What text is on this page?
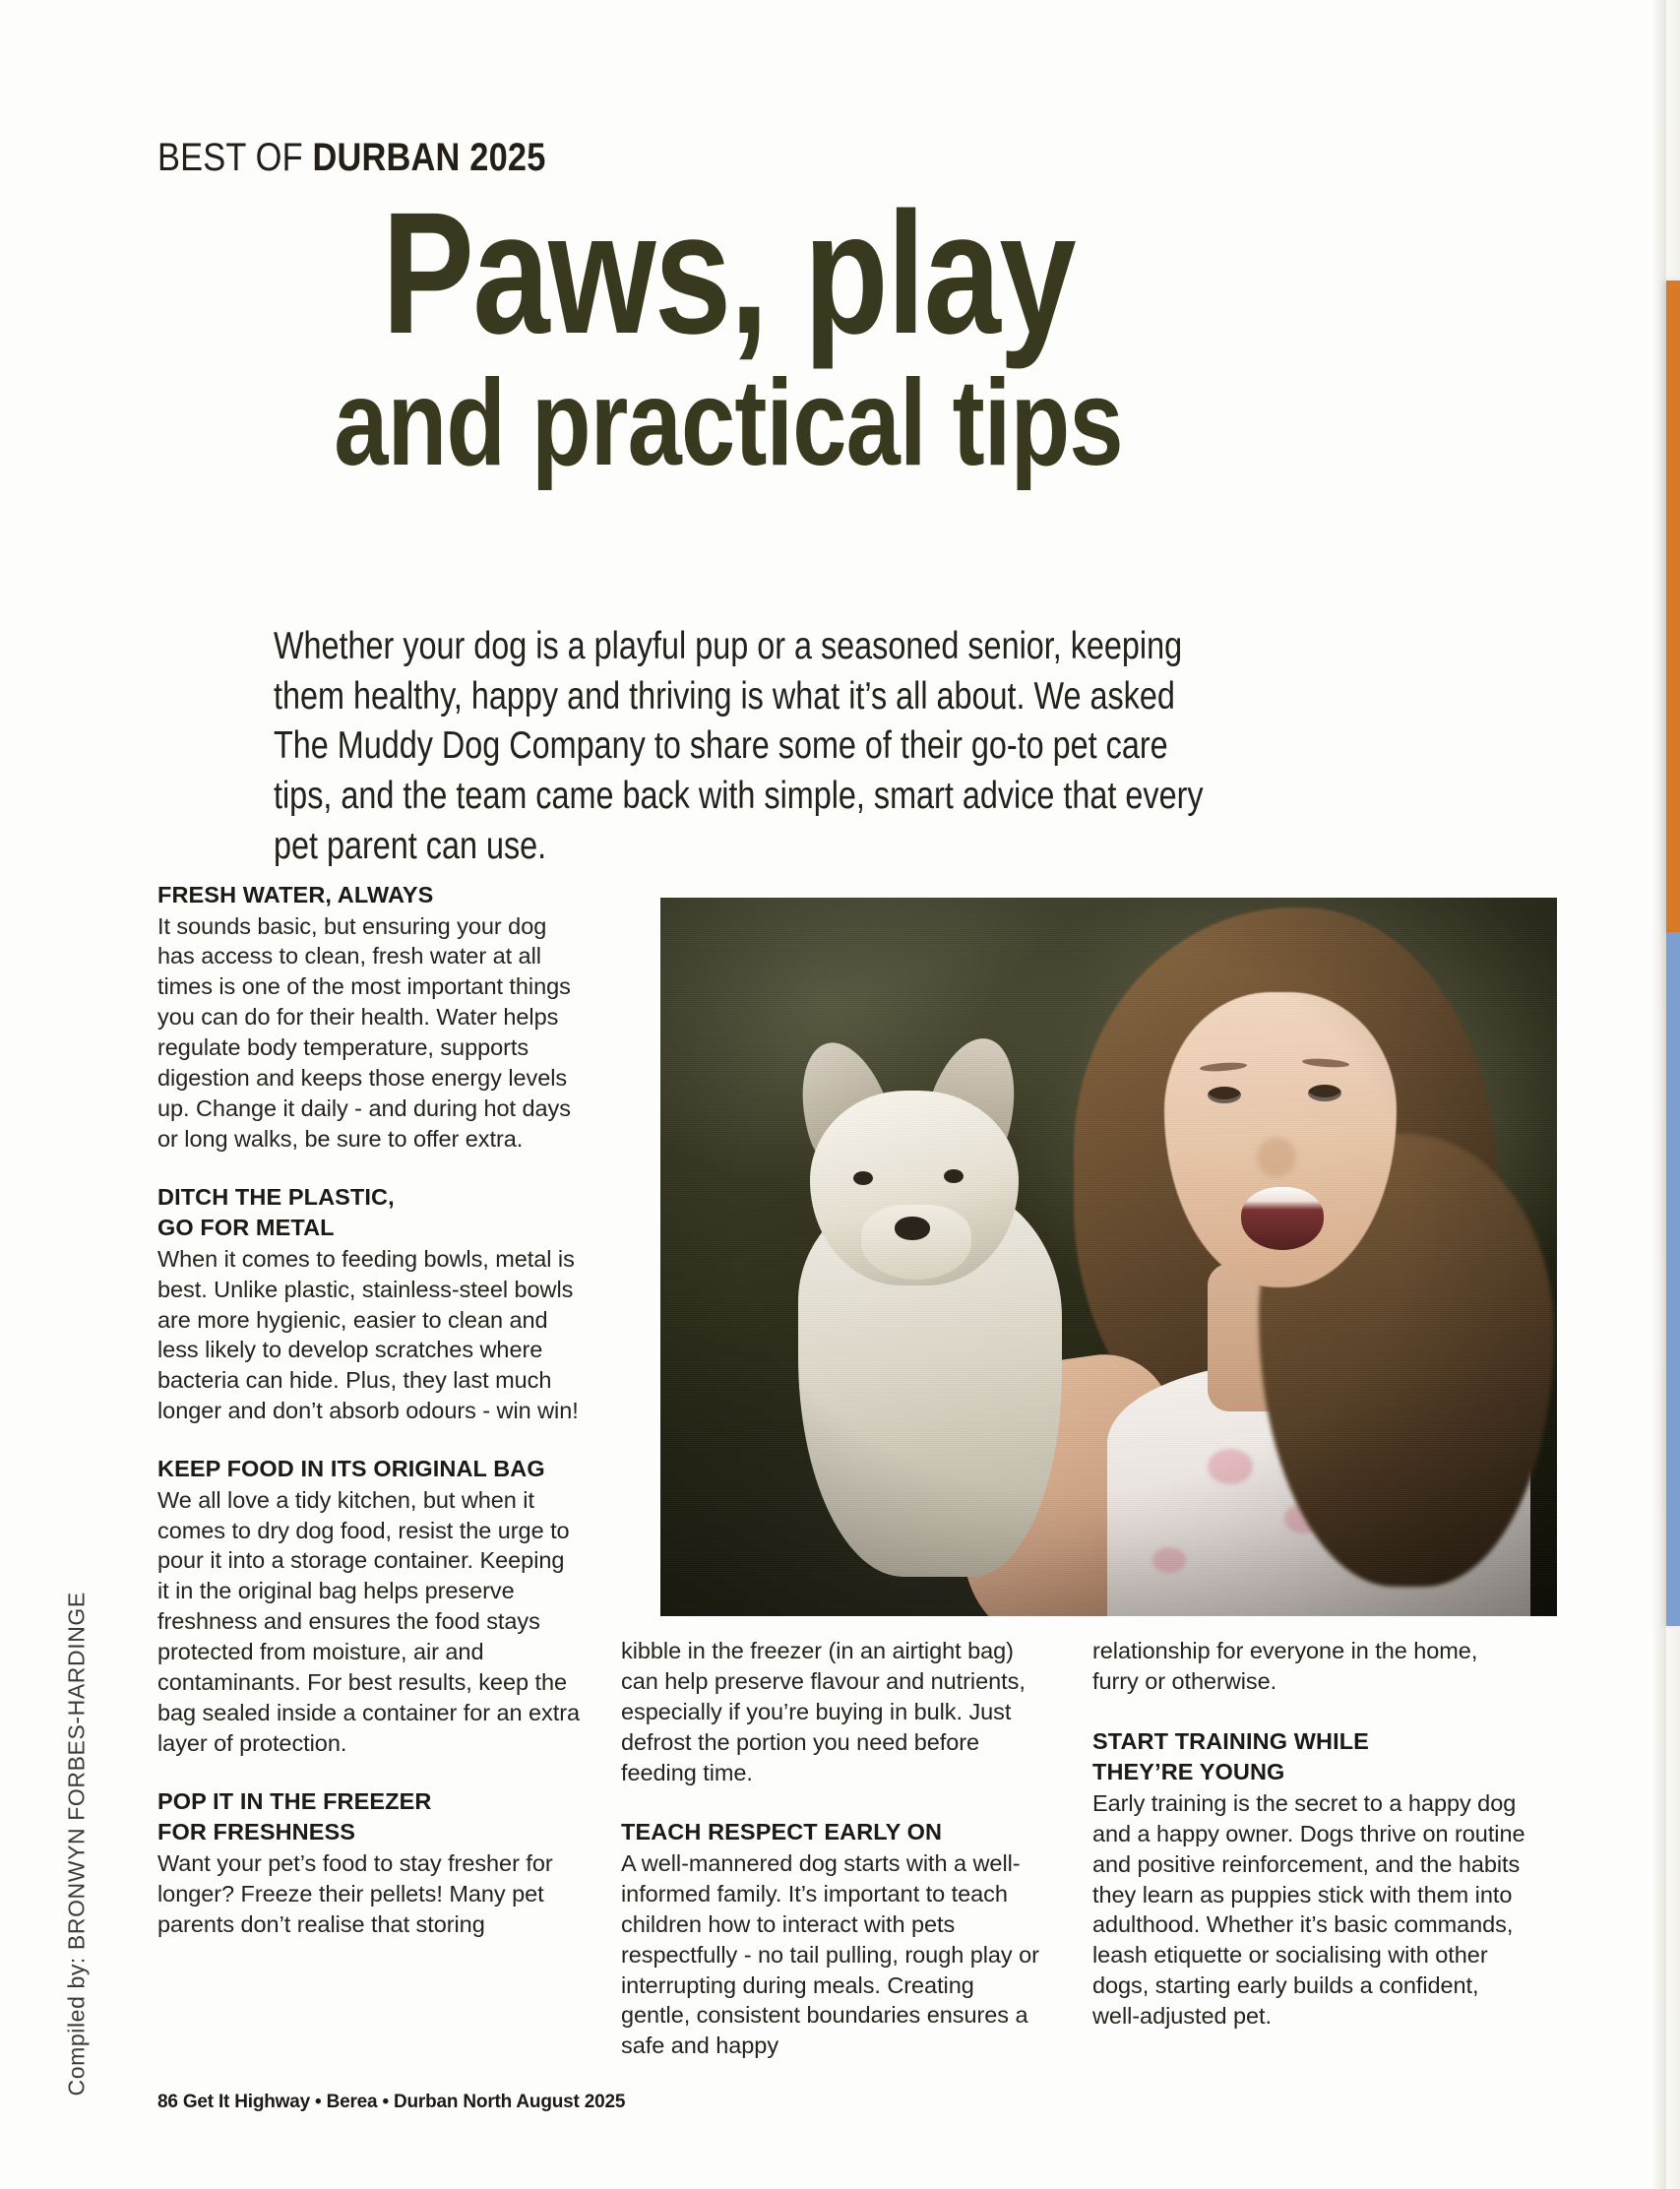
BEST OF DURBAN 2025
Paws, play
and practical tips
Whether your dog is a playful pup or a seasoned senior, keeping them healthy, happy and thriving is what it’s all about. We asked The Muddy Dog Company to share some of their go-to pet care tips, and the team came back with simple, smart advice that every pet parent can use.
Compiled by: BRONWYN FORBES-HARDINGE
FRESH WATER, ALWAYS

It sounds basic, but ensuring your dog has access to clean, fresh water at all times is one of the most important things you can do for their health. Water helps regulate body temperature, supports digestion and keeps those energy levels up. Change it daily - and during hot days or long walks, be sure to offer extra.

DITCH THE PLASTIC,
GO FOR METAL

When it comes to feeding bowls, metal is best. Unlike plastic, stainless-steel bowls are more hygienic, easier to clean and less likely to develop scratches where bacteria can hide. Plus, they last much longer and don’t absorb odours - win win!

KEEP FOOD IN ITS ORIGINAL BAG

We all love a tidy kitchen, but when it comes to dry dog food, resist the urge to pour it into a storage container. Keeping it in the original bag helps preserve freshness and ensures the food stays protected from moisture, air and contaminants. For best results, keep the bag sealed inside a container for an extra layer of protection.

POP IT IN THE FREEZER
FOR FRESHNESS

Want your pet’s food to stay fresher for longer? Freeze their pellets! Many pet parents don’t realise that storing

kibble in the freezer (in an airtight bag) can help preserve flavour and nutrients, especially if you’re buying in bulk. Just defrost the portion you need before feeding time.

TEACH RESPECT EARLY ON

A well-mannered dog starts with a well-informed family. It’s important to teach children how to interact with pets respectfully - no tail pulling, rough play or interrupting during meals. Creating gentle, consistent boundaries ensures a safe and happy

relationship for everyone in the home, furry or otherwise.

START TRAINING WHILE
THEY’RE YOUNG

Early training is the secret to a happy dog and a happy owner. Dogs thrive on routine and positive reinforcement, and the habits they learn as puppies stick with them into adulthood. Whether it’s basic commands, leash etiquette or socialising with other dogs, starting early builds a confident, well-adjusted pet.

86 Get It Highway • Berea • Durban North August 2025
